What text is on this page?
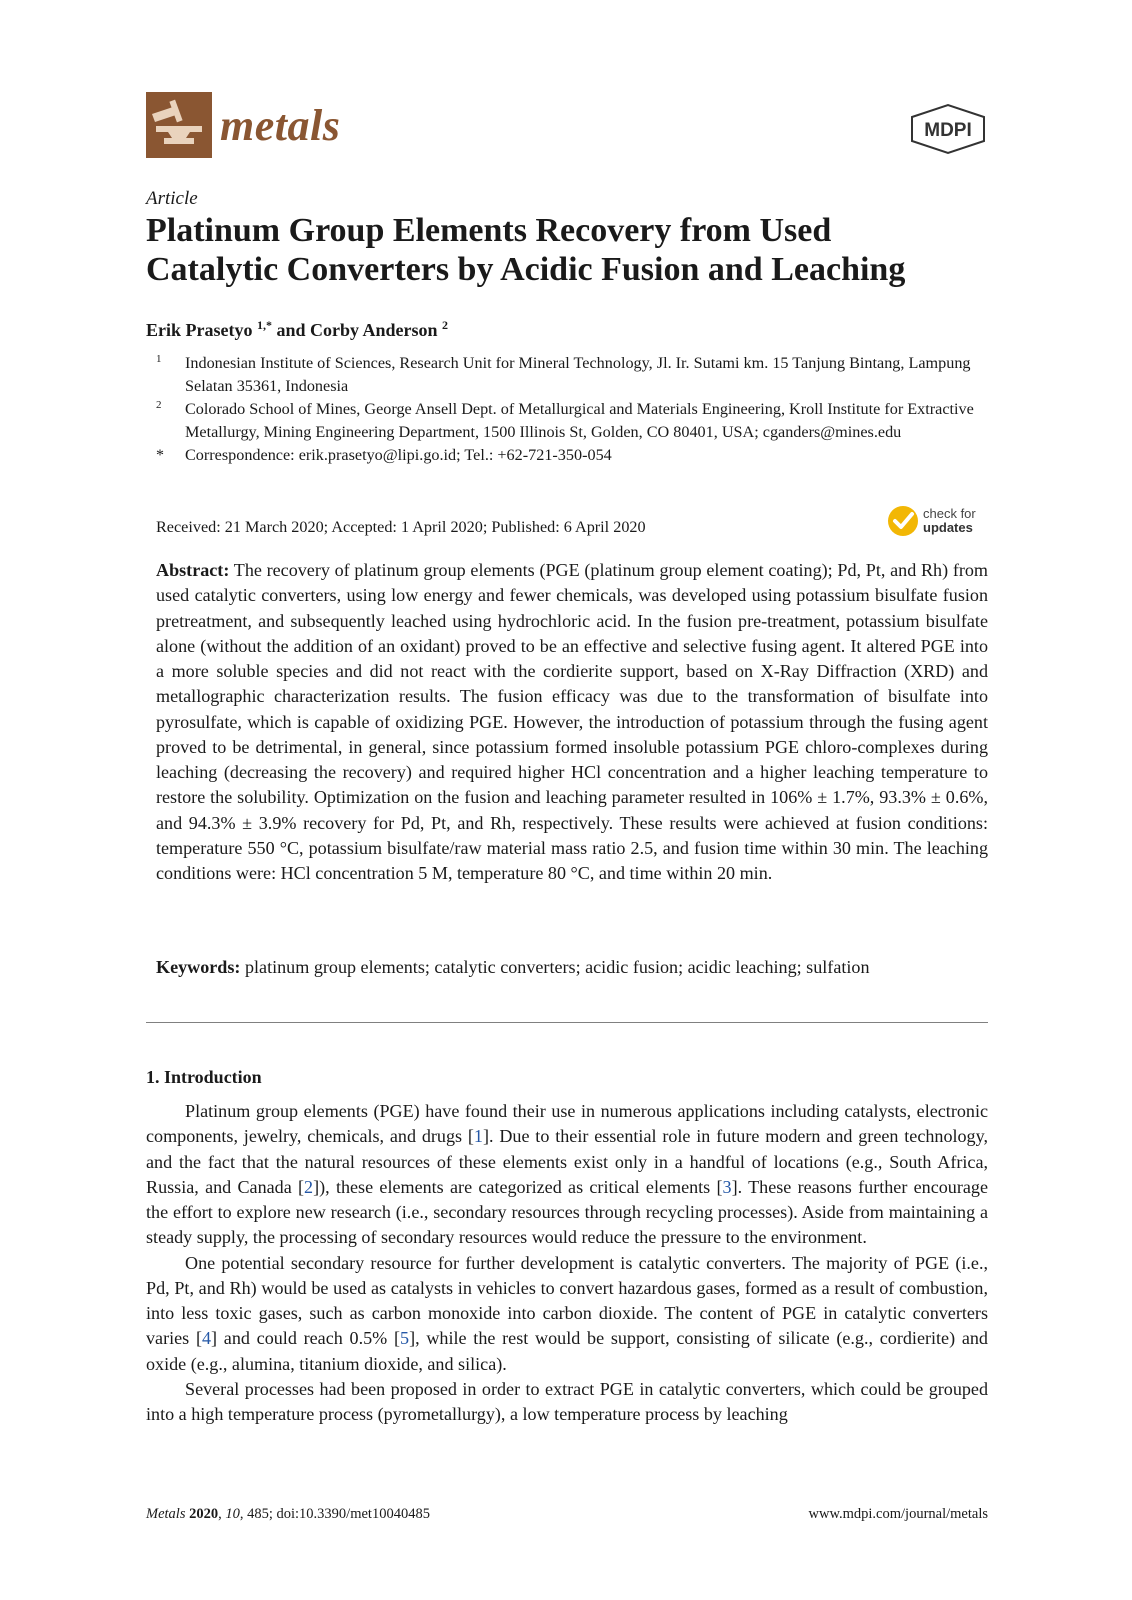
metals	MDPI
Article
Platinum Group Elements Recovery from Used
Catalytic Converters by Acidic Fusion and Leaching
Erik Prasetyo $^{1,*}$ and Corby Anderson $^2$
1	Indonesian Institute of Sciences, Research Unit for Mineral Technology, Jl. Ir. Sutami km. 15 Tanjung Bintang, Lampung Selatan 35361, Indonesia
2	Colorado School of Mines, George Ansell Dept. of Metallurgical and Materials Engineering, Kroll Institute for Extractive Metallurgy, Mining Engineering Department, 1500 Illinois St, Golden, CO 80401, USA; cganders@mines.edu
*	Correspondence: erik.prasetyo@lipi.go.id; Tel.: +62-721-350-054
Received: 21 March 2020; Accepted: 1 April 2020; Published: 6 April 2020
check for
updates
Abstract: The recovery of platinum group elements (PGE (platinum group element coating); Pd, Pt, and Rh) from used catalytic converters, using low energy and fewer chemicals, was developed using potassium bisulfate fusion pretreatment, and subsequently leached using hydrochloric acid. In the fusion pre-treatment, potassium bisulfate alone (without the addition of an oxidant) proved to be an effective and selective fusing agent. It altered PGE into a more soluble species and did not react with the cordierite support, based on X-Ray Diffraction (XRD) and metallographic characterization results. The fusion efficacy was due to the transformation of bisulfate into pyrosulfate, which is capable of oxidizing PGE. However, the introduction of potassium through the fusing agent proved to be detrimental, in general, since potassium formed insoluble potassium PGE chloro-complexes during leaching (decreasing the recovery) and required higher HCl concentration and a higher leaching temperature to restore the solubility. Optimization on the fusion and leaching parameter resulted in 106% ± 1.7%, 93.3% ± 0.6%, and 94.3% ± 3.9% recovery for Pd, Pt, and Rh, respectively. These results were achieved at fusion conditions: temperature 550 °C, potassium bisulfate/raw material mass ratio 2.5, and fusion time within 30 min. The leaching conditions were: HCl concentration 5 M, temperature 80 °C, and time within 20 min.
Keywords: platinum group elements; catalytic converters; acidic fusion; acidic leaching; sulfation
1. Introduction

Platinum group elements (PGE) have found their use in numerous applications including catalysts, electronic components, jewelry, chemicals, and drugs [1]. Due to their essential role in future modern and green technology, and the fact that the natural resources of these elements exist only in a handful of locations (e.g., South Africa, Russia, and Canada [2]), these elements are categorized as critical elements [3]. These reasons further encourage the effort to explore new research (i.e., secondary resources through recycling processes). Aside from maintaining a steady supply, the processing of secondary resources would reduce the pressure to the environment.

One potential secondary resource for further development is catalytic converters. The majority of PGE (i.e., Pd, Pt, and Rh) would be used as catalysts in vehicles to convert hazardous gases, formed as a result of combustion, into less toxic gases, such as carbon monoxide into carbon dioxide. The content of PGE in catalytic converters varies [4] and could reach 0.5% [5], while the rest would be support, consisting of silicate (e.g., cordierite) and oxide (e.g., alumina, titanium dioxide, and silica).

Several processes had been proposed in order to extract PGE in catalytic converters, which could be grouped into a high temperature process (pyrometallurgy), a low temperature process by leaching

Metals 2020, 10, 485; doi:10.3390/met10040485	www.mdpi.com/journal/metals
